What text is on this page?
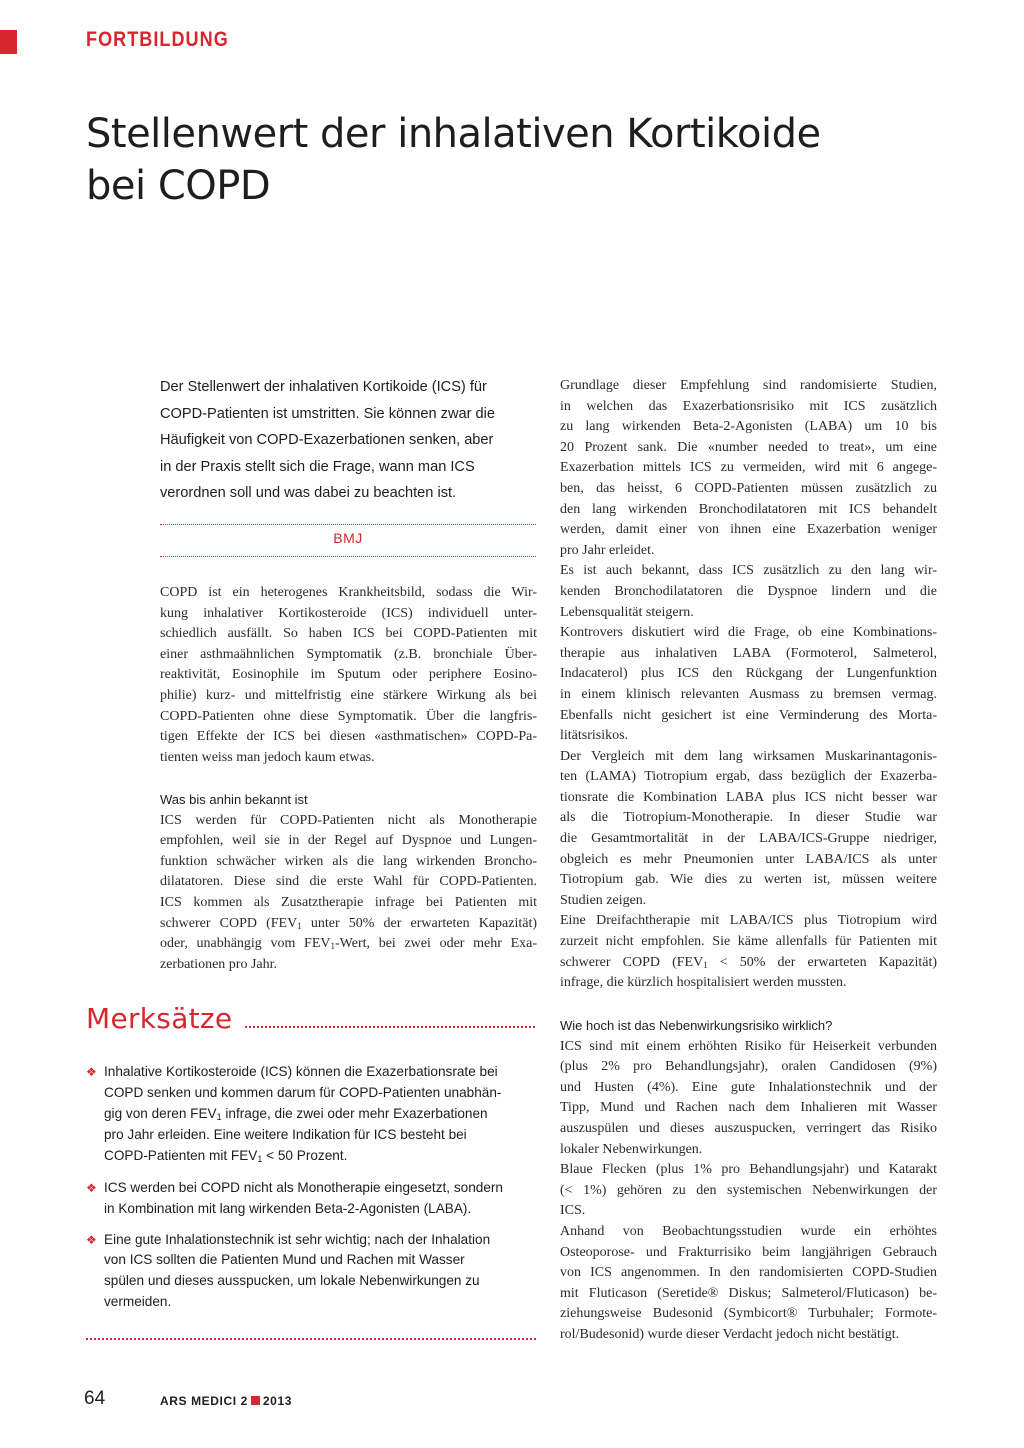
FORTBILDUNG
Stellenwert der inhalativen Kortikoide
bei COPD
Der Stellenwert der inhalativen Kortikoide (ICS) für
COPD-Patienten ist umstritten. Sie können zwar die
Häufigkeit von COPD-Exazerbationen senken, aber
in der Praxis stellt sich die Frage, wann man ICS
verordnen soll und was dabei zu beachten ist.
BMJ
COPD ist ein heterogenes Krankheitsbild, sodass die Wir-
kung inhalativer Kortikosteroide (ICS) individuell unter-
schiedlich ausfällt. So haben ICS bei COPD-Patienten mit
einer asthmaähnlichen Symptomatik (z.B. bronchiale Über-
reaktivität, Eosinophile im Sputum oder periphere Eosino-
philie) kurz- und mittelfristig eine stärkere Wirkung als bei
COPD-Patienten ohne diese Symptomatik. Über die langfris-
tigen Effekte der ICS bei diesen «asthmatischen» COPD-Pa-
tienten weiss man jedoch kaum etwas.
Was bis anhin bekannt ist
ICS werden für COPD-Patienten nicht als Monotherapie
empfohlen, weil sie in der Regel auf Dyspnoe und Lungen-
funktion schwächer wirken als die lang wirkenden Broncho-
dilatatoren. Diese sind die erste Wahl für COPD-Patienten.
ICS kommen als Zusatztherapie infrage bei Patienten mit
schwerer COPD ($FEV_1$ unter 50% der erwarteten Kapazität)
oder, unabhängig vom $FEV_1$-Wert, bei zwei oder mehr Exa-
zerbationen pro Jahr.
Grundlage dieser Empfehlung sind randomisierte Studien,
in welchen das Exazerbationsrisiko mit ICS zusätzlich
zu lang wirkenden Beta-2-Agonisten (LABA) um 10 bis
20 Prozent sank. Die «number needed to treat», um eine
Exazerbation mittels ICS zu vermeiden, wird mit 6 angege-
ben, das heisst, 6 COPD-Patienten müssen zusätzlich zu
den lang wirkenden Bronchodilatatoren mit ICS behandelt
werden, damit einer von ihnen eine Exazerbation weniger
pro Jahr erleidet.
Es ist auch bekannt, dass ICS zusätzlich zu den lang wir-
kenden Bronchodilatatoren die Dyspnoe lindern und die
Lebensqualität steigern.
Kontrovers diskutiert wird die Frage, ob eine Kombinations-
therapie aus inhalativen LABA (Formoterol, Salmeterol,
Indacaterol) plus ICS den Rückgang der Lungenfunktion
in einem klinisch relevanten Ausmass zu bremsen vermag.
Ebenfalls nicht gesichert ist eine Verminderung des Morta-
litätsrisikos.
Der Vergleich mit dem lang wirksamen Muskarinantagonis-
ten (LAMA) Tiotropium ergab, dass bezüglich der Exazerba-
tionsrate die Kombination LABA plus ICS nicht besser war
als die Tiotropium-Monotherapie. In dieser Studie war
die Gesamtmortalität in der LABA/ICS-Gruppe niedriger,
obgleich es mehr Pneumonien unter LABA/ICS als unter
Tiotropium gab. Wie dies zu werten ist, müssen weitere
Studien zeigen.
Eine Dreifachtherapie mit LABA/ICS plus Tiotropium wird
zurzeit nicht empfohlen. Sie käme allenfalls für Patienten mit
schwerer COPD ($FEV_1 < 50\%$ der erwarteten Kapazität)
infrage, die kürzlich hospitalisiert werden mussten.
Wie hoch ist das Nebenwirkungsrisiko wirklich?
ICS sind mit einem erhöhten Risiko für Heiserkeit verbunden
(plus 2% pro Behandlungsjahr), oralen Candidosen (9%)
und Husten (4%). Eine gute Inhalationstechnik und der
Tipp, Mund und Rachen nach dem Inhalieren mit Wasser
auszuspülen und dieses auszuspucken, verringert das Risiko
lokaler Nebenwirkungen.
Blaue Flecken (plus 1% pro Behandlungsjahr) und Katarakt
(< 1%) gehören zu den systemischen Nebenwirkungen der
ICS.
Anhand von Beobachtungsstudien wurde ein erhöhtes
Osteoporose- und Frakturrisiko beim langjährigen Gebrauch
von ICS angenommen. In den randomisierten COPD-Studien
mit Fluticason (Seretide® Diskus; Salmeterol/Fluticason) be-
ziehungsweise Budesonid (Symbicort® Turbuhaler; Formote-
rol/Budesonid) wurde dieser Verdacht jedoch nicht bestätigt.
Merksätze
❖ Inhalative Kortikosteroide (ICS) können die Exazerbationsrate bei
COPD senken und kommen darum für COPD-Patienten unabhän-
gig von deren $FEV_1$ infrage, die zwei oder mehr Exazerbationen
pro Jahr erleiden. Eine weitere Indikation für ICS besteht bei
COPD-Patienten mit $FEV_1 < 50$ Prozent.
❖ ICS werden bei COPD nicht als Monotherapie eingesetzt, sondern
in Kombination mit lang wirkenden Beta-2-Agonisten (LABA).
❖ Eine gute Inhalationstechnik ist sehr wichtig; nach der Inhalation
von ICS sollten die Patienten Mund und Rachen mit Wasser
spülen und dieses ausspucken, um lokale Nebenwirkungen zu
vermeiden.
64	ARS MEDICI 2 2013
